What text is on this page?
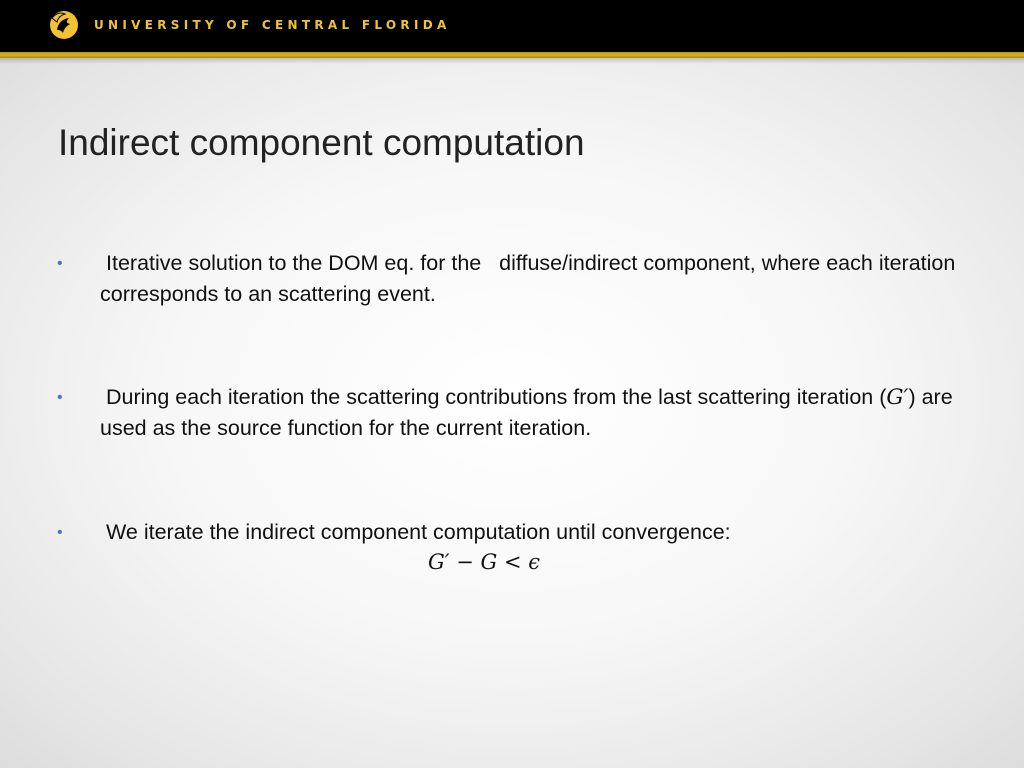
UNIVERSITY OF CENTRAL FLORIDA
Indirect component computation
• Iterative solution to the DOM eq. for the   diffuse/indirect component, where each iteration corresponds to an scattering event.

• During each iteration the scattering contributions from the last scattering iteration (G′) are used as the source function for the current iteration.

• We iterate the indirect component computation until convergence:

G′ − G < ϵ
